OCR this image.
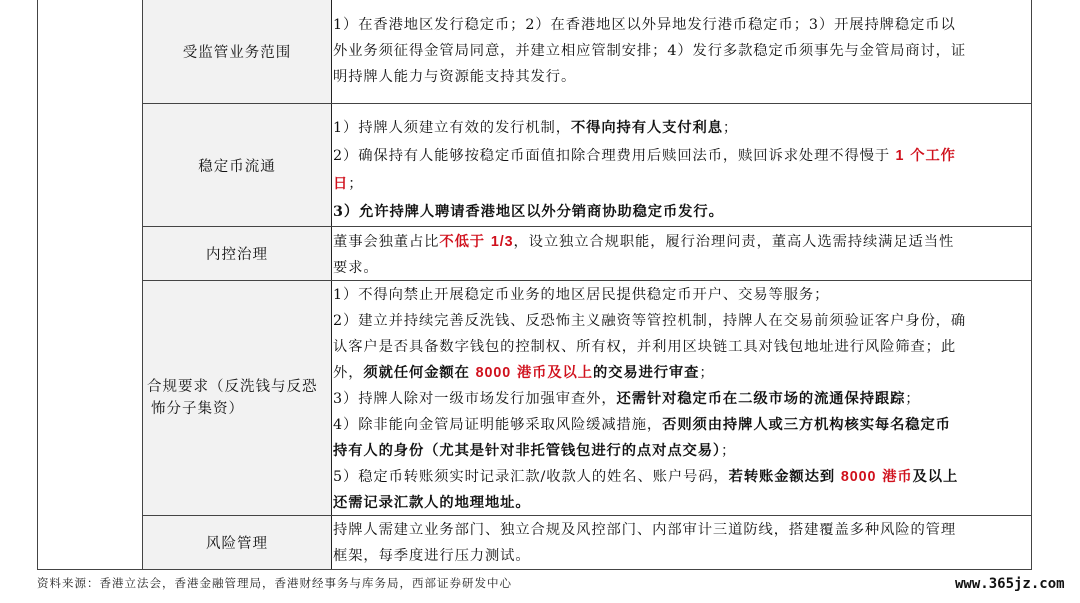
受监管业务范围

1）在香港地区发行稳定币；2）在香港地区以外异地发行港币稳定币；3）开展持牌稳定币以

外业务须征得金管局同意，并建立相应管制安排；4）发行多款稳定币须事先与金管局商讨，证

明持牌人能力与资源能支持其发行。

稳定币流通

1）持牌人须建立有效的发行机制，不得向持有人支付利息；

2）确保持有人能够按稳定币面值扣除合理费用后赎回法币，赎回诉求处理不得慢于 1 个工作

日；

3）允许持牌人聘请香港地区以外分销商协助稳定币发行。

内控治理

董事会独董占比不低于 1/3，设立独立合规职能，履行治理问责，董高人选需持续满足适当性

要求。

合规要求（反洗钱与反恐
怖分子集资）

1）不得向禁止开展稳定币业务的地区居民提供稳定币开户、交易等服务；

2）建立并持续完善反洗钱、反恐怖主义融资等管控机制，持牌人在交易前须验证客户身份，确

认客户是否具备数字钱包的控制权、所有权，并利用区块链工具对钱包地址进行风险筛查；此

外，须就任何金额在 8000 港币及以上的交易进行审查；

3）持牌人除对一级市场发行加强审查外，还需针对稳定币在二级市场的流通保持跟踪；

4）除非能向金管局证明能够采取风险缓减措施，否则须由持牌人或三方机构核实每名稳定币

持有人的身份（尤其是针对非托管钱包进行的点对点交易）；

5）稳定币转账须实时记录汇款/收款人的姓名、账户号码，若转账金额达到 8000 港币及以上

还需记录汇款人的地理地址。

风险管理

持牌人需建立业务部门、独立合规及风控部门、内部审计三道防线，搭建覆盖多种风险的管理

框架，每季度进行压力测试。

资料来源：香港立法会，香港金融管理局，香港财经事务与库务局，西部证券研发中心	www.365jz.com
